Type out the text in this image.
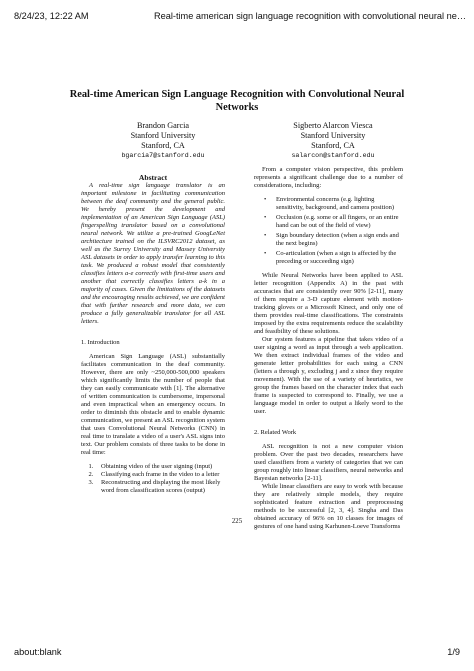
8/24/23, 12:22 AM	Real-time american sign language recognition with convolutional neural ne…
Real-time American Sign Language Recognition with Convolutional Neural Networks
Brandon Garcia
Stanford University
Stanford, CA
bgarcia7@stanford.edu
Sigberto Alarcon Viesca
Stanford University
Stanford, CA
salarcon@stanford.edu

Abstract

A real-time sign language translator is an important milestone in facilitating communication between the deaf community and the general public. We hereby present the development and implementation of an American Sign Language (ASL) fingerspelling translator based on a convolutional neural network. We utilize a pre-trained GoogLeNet architecture trained on the ILSVRC2012 dataset, as well as the Surrey University and Massey University ASL datasets in order to apply transfer learning to this task. We produced a robust model that consistently classifies letters a-e correctly with first-time users and another that correctly classifies letters a-k in a majority of cases. Given the limitations of the datasets and the encouraging results achieved, we are confident that with further research and more data, we can produce a fully generalizable translator for all ASL letters.

1. Introduction

American Sign Language (ASL) substantially facilitates communication in the deaf community. However, there are only ~250,000-500,000 speakers which significantly limits the number of people that they can easily communicate with [1]. The alternative of written communication is cumbersome, impersonal and even impractical when an emergency occurs. In order to diminish this obstacle and to enable dynamic communication, we present an ASL recognition system that uses Convolutional Neural Networks (CNN) in real time to translate a video of a user's ASL signs into text. Our problem consists of three tasks to be done in real time:

1. Obtaining video of the user signing (input)
2. Classifying each frame in the video to a letter
3. Reconstructing and displaying the most likely word from classification scores (output)

From a computer vision perspective, this problem represents a significant challenge due to a number of considerations, including:

• Environmental concerns (e.g. lighting sensitivity, background, and camera position)
• Occlusion (e.g. some or all fingers, or an entire hand can be out of the field of view)
• Sign boundary detection (when a sign ends and the next begins)
• Co-articulation (when a sign is affected by the preceding or succeeding sign)

While Neural Networks have been applied to ASL letter recognition (Appendix A) in the past with accuracies that are consistently over 90% [2-11], many of them require a 3-D capture element with motion-tracking gloves or a Microsoft Kinect, and only one of them provides real-time classifications. The constraints imposed by the extra requirements reduce the scalability and feasibility of these solutions.

Our system features a pipeline that takes video of a user signing a word as input through a web application. We then extract individual frames of the video and generate letter probabilities for each using a CNN (letters a through y, excluding j and z since they require movement). With the use of a variety of heuristics, we group the frames based on the character index that each frame is suspected to correspond to. Finally, we use a language model in order to output a likely word to the user.

2. Related Work

ASL recognition is not a new computer vision problem. Over the past two decades, researchers have used classifiers from a variety of categories that we can group roughly into linear classifiers, neural networks and Bayesian networks [2-11].

While linear classifiers are easy to work with because they are relatively simple models, they require sophisticated feature extraction and preprocessing methods to be successful [2, 3, 4]. Singha and Das obtained accuracy of 96% on 10 classes for images of gestures of one hand using Karhunen-Loeve Transforms

225
about:blank	1/9
